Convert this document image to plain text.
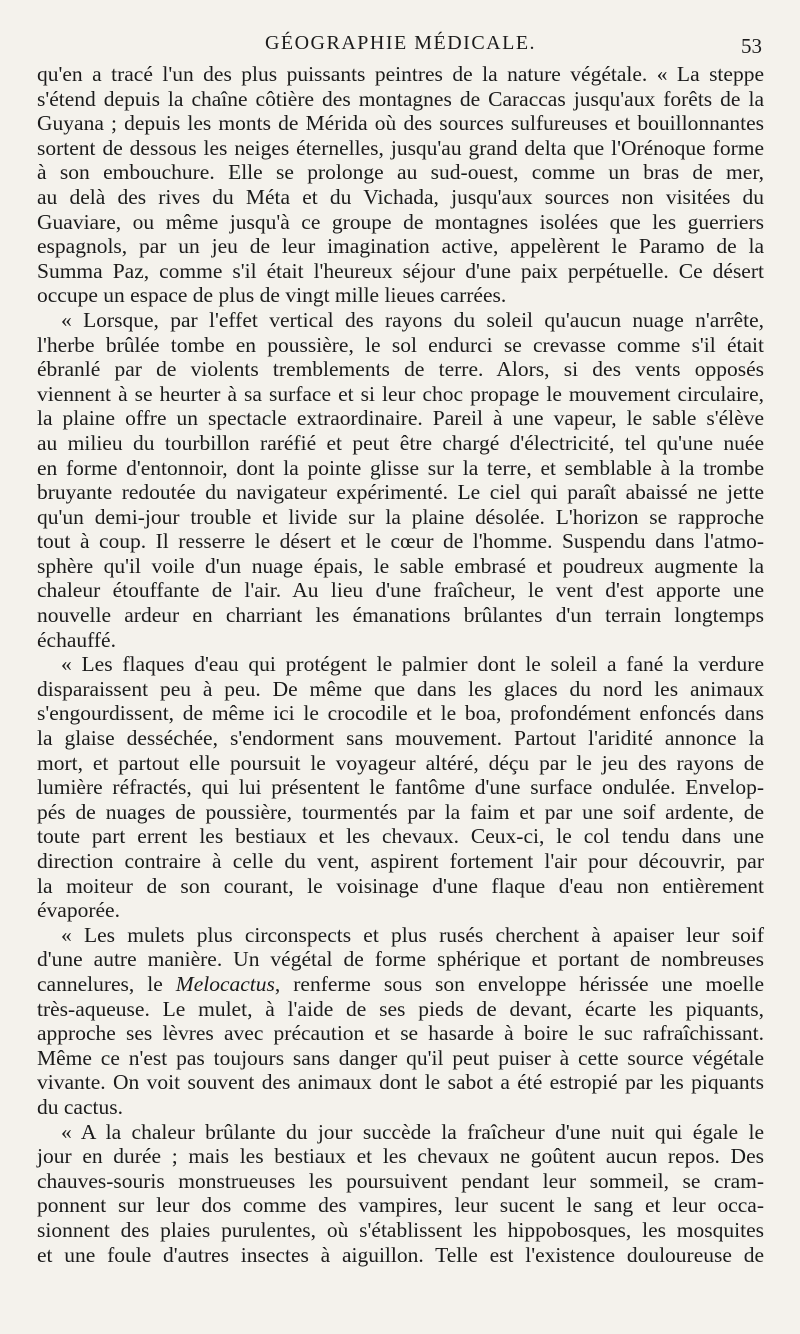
GÉOGRAPHIE MÉDICALE.	53

qu'en a tracé l'un des plus puissants peintres de la nature végétale. « La steppe

s'étend depuis la chaîne côtière des montagnes de Caraccas jusqu'aux forêts de la

Guyana ; depuis les monts de Mérida où des sources sulfureuses et bouillonnantes

sortent de dessous les neiges éternelles, jusqu'au grand delta que l'Orénoque forme

à son embouchure. Elle se prolonge au sud-ouest, comme un bras de mer,

au delà des rives du Méta et du Vichada, jusqu'aux sources non visitées du

Guaviare, ou même jusqu'à ce groupe de montagnes isolées que les guerriers

espagnols, par un jeu de leur imagination active, appelèrent le Paramo de la

Summa Paz, comme s'il était l'heureux séjour d'une paix perpétuelle. Ce désert

occupe un espace de plus de vingt mille lieues carrées.

« Lorsque, par l'effet vertical des rayons du soleil qu'aucun nuage n'arrête,

l'herbe brûlée tombe en poussière, le sol endurci se crevasse comme s'il était

ébranlé par de violents tremblements de terre. Alors, si des vents opposés

viennent à se heurter à sa surface et si leur choc propage le mouvement circulaire,

la plaine offre un spectacle extraordinaire. Pareil à une vapeur, le sable s'élève

au milieu du tourbillon raréfié et peut être chargé d'électricité, tel qu'une nuée

en forme d'entonnoir, dont la pointe glisse sur la terre, et semblable à la trombe

bruyante redoutée du navigateur expérimenté. Le ciel qui paraît abaissé ne jette

qu'un demi-jour trouble et livide sur la plaine désolée. L'horizon se rapproche

tout à coup. Il resserre le désert et le cœur de l'homme. Suspendu dans l'atmo-

sphère qu'il voile d'un nuage épais, le sable embrasé et poudreux augmente la

chaleur étouffante de l'air. Au lieu d'une fraîcheur, le vent d'est apporte une

nouvelle ardeur en charriant les émanations brûlantes d'un terrain longtemps

échauffé.

« Les flaques d'eau qui protégent le palmier dont le soleil a fané la verdure

disparaissent peu à peu. De même que dans les glaces du nord les animaux

s'engourdissent, de même ici le crocodile et le boa, profondément enfoncés dans

la glaise desséchée, s'endorment sans mouvement. Partout l'aridité annonce la

mort, et partout elle poursuit le voyageur altéré, déçu par le jeu des rayons de

lumière réfractés, qui lui présentent le fantôme d'une surface ondulée. Envelop-

pés de nuages de poussière, tourmentés par la faim et par une soif ardente, de

toute part errent les bestiaux et les chevaux. Ceux-ci, le col tendu dans une

direction contraire à celle du vent, aspirent fortement l'air pour découvrir, par

la moiteur de son courant, le voisinage d'une flaque d'eau non entièrement

évaporée.

« Les mulets plus circonspects et plus rusés cherchent à apaiser leur soif

d'une autre manière. Un végétal de forme sphérique et portant de nombreuses

cannelures, le Melocactus, renferme sous son enveloppe hérissée une moelle

très-aqueuse. Le mulet, à l'aide de ses pieds de devant, écarte les piquants,

approche ses lèvres avec précaution et se hasarde à boire le suc rafraîchissant.

Même ce n'est pas toujours sans danger qu'il peut puiser à cette source végétale

vivante. On voit souvent des animaux dont le sabot a été estropié par les piquants

du cactus.

« A la chaleur brûlante du jour succède la fraîcheur d'une nuit qui égale le

jour en durée ; mais les bestiaux et les chevaux ne goûtent aucun repos. Des

chauves-souris monstrueuses les poursuivent pendant leur sommeil, se cram-

ponnent sur leur dos comme des vampires, leur sucent le sang et leur occa-

sionnent des plaies purulentes, où s'établissent les hippobosques, les mosquites

et une foule d'autres insectes à aiguillon. Telle est l'existence douloureuse de
